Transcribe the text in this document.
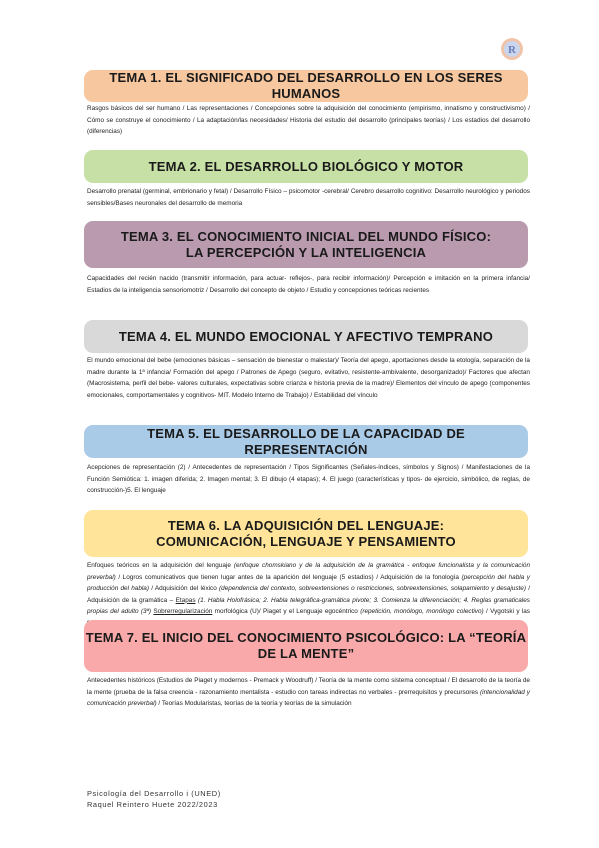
R
TEMA 1. EL SIGNIFICADO DEL DESARROLLO EN LOS SERES HUMANOS
Rasgos básicos del ser humano / Las representaciones / Concepciones sobre la adquisición del conocimiento (empirismo, innatismo y constructivismo) / Cómo se construye el conocimiento / La adaptación/las necesidades/ Historia del estudio del desarrollo (principales teorías) / Los estadios del desarrollo (diferencias)
TEMA 2. EL DESARROLLO BIOLÓGICO Y MOTOR
Desarrollo prenatal (germinal, embrionario y fetal) / Desarrollo Físico – psicomotor -cerebral/ Cerebro desarrollo cognitivo: Desarrollo neurológico y periodos sensibles/Bases neuronales del desarrollo de memoria
TEMA 3. EL CONOCIMIENTO INICIAL DEL MUNDO FÍSICO:
LA PERCEPCIÓN Y LA INTELIGENCIA
Capacidades del recién nacido (transmitir información, para actuar- reflejos-, para recibir información)/ Percepción e imitación en la primera infancia/ Estadios de la inteligencia sensoriomotriz / Desarrollo del concepto de objeto / Estudio y concepciones teóricas recientes
TEMA 4. EL MUNDO EMOCIONAL Y AFECTIVO TEMPRANO
El mundo emocional del bebe (emociones básicas – sensación de bienestar o malestar)/ Teoría del apego, aportaciones desde la etología, separación de la madre durante la 1ª infancia/ Formación del apego / Patrones de Apego (seguro, evitativo, resistente-ambivalente, desorganizado)/ Factores que afectan (Macrosistema, perfil del bebe- valores culturales, expectativas sobre crianza e historia previa de la madre)/ Elementos del vínculo de apego (componentes emocionales, comportamentales y cognitivos- MIT. Modelo Interno de Trabajo) / Estabilidad del vínculo
TEMA 5. EL DESARROLLO DE LA CAPACIDAD DE REPRESENTACIÓN
Acepciones de representación (2) / Antecedentes de representación / Tipos Significantes (Señales-índices, símbolos y Signos) / Manifestaciones de la Función Semiótica: 1. imagen diferida; 2. Imagen mental; 3. El dibujo (4 etapas); 4. El juego (características y tipos- de ejercicio, simbólico, de reglas, de construcción-)5. El lenguaje
TEMA 6. LA ADQUISICIÓN DEL LENGUAJE:
COMUNICACIÓN, LENGUAJE Y PENSAMIENTO
Enfoques teóricos en la adquisición del lenguaje (enfoque chomskiano y de la adquisición de la gramática - enfoque funcionalista y la comunicación preverbal) / Logros comunicativos que tienen lugar antes de la aparición del lenguaje (5 estadios) / Adquisición de la fonología (percepción del habla y producción del habla) / Adquisición del léxico (dependencia del contexto, sobreextensiones o restricciones, sobreextensiones, solapamiento y desajuste) / Adquisición de la gramática – Etapas (1. Habla Holofrásica; 2. Habla telegráfica-gramática pivote; 3. Comienza la diferenciación; 4. Reglas gramaticales propias del adulto (3ª) Sobrerregularización morfológica (U)/ Piaget y el Lenguaje egocéntrico (repetición, monólogo, monólogo colectivo) / Vygotski y las
TEMA 7. EL INICIO DEL CONOCIMIENTO PSICOLÓGICO: LA “TEORÍA
DE LA MENTE”
Antecedentes históricos (Estudios de Piaget y modernos - Premack y Woodruff) / Teoría de la mente como sistema conceptual / El desarrollo de la teoría de la mente (prueba de la falsa creencia - razonamiento mentalista - estudio con tareas indirectas no verbales - prerrequisitos y precursores (intencionalidad y comunicación preverbal) / Teorías Modularistas, teorías de la teoría y teorías de la simulación
Psicología del Desarrollo i (UNED)
Raquel Reintero Huete 2022/2023
